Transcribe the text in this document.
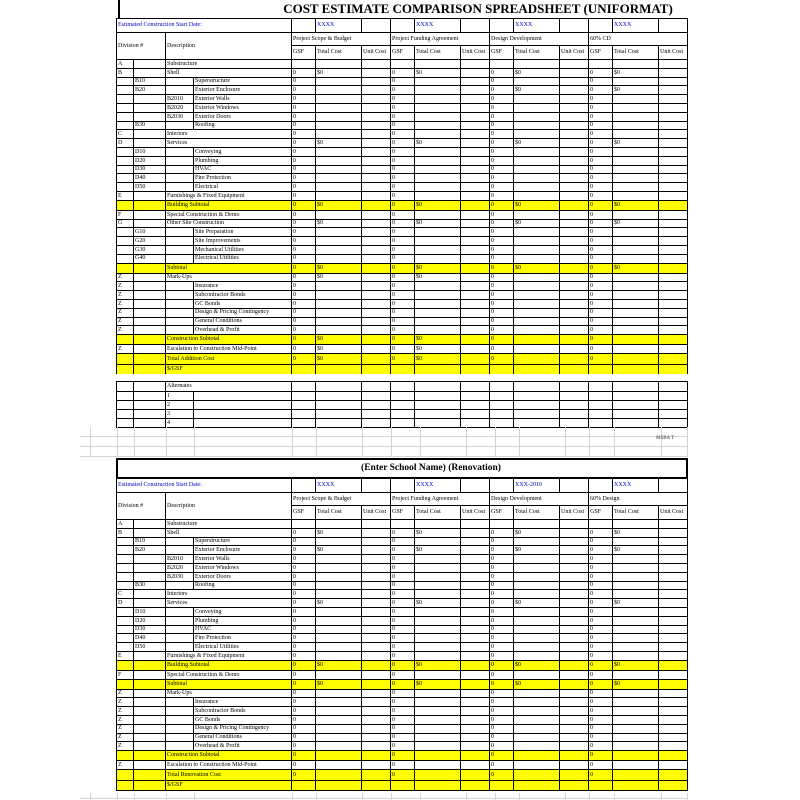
COST ESTIMATE COMPARISON SPREADSHEET (UNIFORMAT)
Estimated Construction Start Date:					XXXX			XXXX			XXXX			XXXX	
Division #		Description		Project Scope & Budget			Project Funding Agreement			Design Development			60% CD		
				GSF	Total Cost	Unit Cost	GSF	Total Cost	Unit Cost	GSF	Total Cost	Unit Cost	GSF	Total Cost	Unit Cost
A		Substructure													
B		Shell		0	$0		0	$0		0	$0		0	$0	
	B10		Superstructure	0			0			0			0		
	B20		Exterior Enclosure	0			0			0	$0		0	$0	
		B2010	Exterior Walls	0			0			0			0		
		B2020	Exterior Windows	0			0			0			0		
		B2030	Exterior Doors	0			0			0			0		
	B30		Roofing	0			0			0			0		
C		Interiors		0			0			0			0		
D		Services		0	$0		0	$0		0	$0		0	$0	
	D10		Conveying	0			0			0			0		
	D20		Plumbing	0			0			0			0		
	D30		HVAC	0			0			0			0		
	D40		Fire Protection	0			0			0			0		
	D50		Electrical	0			0			0			0		
E		Furnishings & Fixed Equipment		0			0			0			0		
		Building Subtotal		0	$0		0	$0		0	$0		0	$0	
F		Special Construction & Demo		0			0			0			0		
G		Other Site Construction		0	$0		0	$0		0	$0		0	$0	
	G10		Site Preparation	0			0			0			0		
	G20		Site Improvements	0			0			0			0		
	G30		Mechanical Utilities	0			0			0			0		
	G40		Electrical Utilities	0			0			0			0		
		Subtotal		0	$0		0	$0		0	$0		0	$0	
Z		Mark-Ups		0	$0		0	$0		0			0		
Z			Insurance	0			0			0			0		
Z			Subcontractor Bonds	0			0			0			0		
Z			GC Bonds	0			0			0			0		
Z			Design & Pricing Contingency	0			0			0			0		
Z			General Conditions	0			0			0			0		
Z			Overhead & Profit	0			0			0			0		
		Construction Subtotal		0	$0		0	$0		0			0		
Z		Escalation to Construction Mid-Point		0	$0		0	$0		0			0		
		Total Addition Cost		0	$0		0	$0		0			0		
		$/GSF													
		Alternates													
		1													
		2													
		3													
		4													
MSBA T
(Enter School Name) (Renovation)
Estimated Construction Start Date:					XXXX			XXXX			XXX-2010			XXXX	
Division #		Description		Project Scope & Budget			Project Funding Agreement			Design Development			60% Design		
				GSF	Total Cost	Unit Cost	GSF	Total Cost	Unit Cost	GSF	Total Cost	Unit Cost	GSF	Total Cost	Unit Cost
A		Substructure													
B		Shell		0	$0		0	$0		0	$0		0	$0	
	B10		Superstructure	0			0			0			0		
	B20		Exterior Enclosure	0	$0		0	$0		0	$0		0	$0	
		B2010	Exterior Walls	0			0			0			0		
		B2020	Exterior Windows	0			0			0			0		
		B2030	Exterior Doors	0			0			0			0		
	B30		Roofing	0			0			0			0		
C		Interiors		0			0			0			0		
D		Services		0	$0		0	$0		0	$0		0	$0	
	D10		Conveying	0			0			0			0		
	D20		Plumbing	0			0			0			0		
	D30		HVAC	0			0			0			0		
	D40		Fire Protection	0			0			0			0		
	D50		Electrical Utilities	0			0			0			0		
E		Furnishings & Fixed Equipment		0			0			0			0		
		Building Subtotal		0	$0		0	$0		0	$0		0	$0	
F		Special Construction & Demo		0			0			0			0		
		Subtotal		0	$0		0	$0		0	$0		0	$0	
Z		Mark-Ups		0			0			0			0		
Z			Insurance	0			0			0			0		
Z			Subcontractor Bonds	0			0			0			0		
Z			GC Bonds	0			0			0			0		
Z			Design & Pricing Contingency	0			0			0			0		
Z			General Conditions	0			0			0			0		
Z			Overhead & Profit	0			0			0			0		
		Construction Subtotal		0			0			0			0		
Z		Escalation to Construction Mid-Point		0			0			0			0		
		Total Renovation Cost		0			0			0			0		
		$/GSF													
